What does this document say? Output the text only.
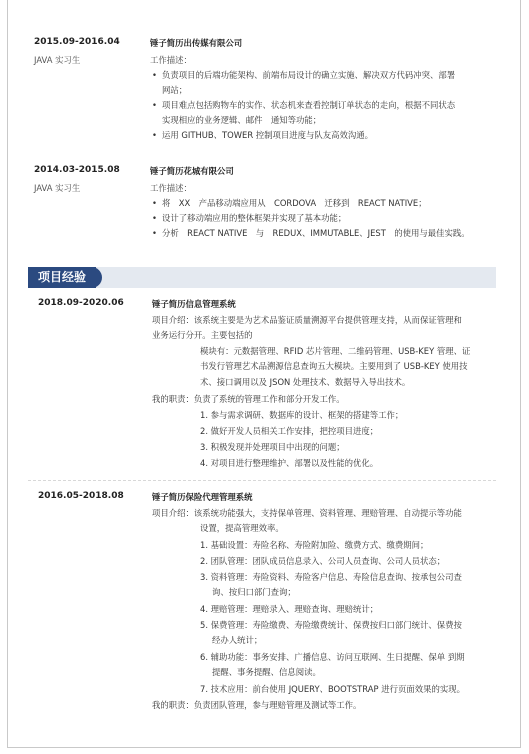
2015.09-2016.04
JAVA 实习生
锤子简历出传媒有限公司
工作描述：
• 负责项目的后端功能架构、前端布局设计的确立实施、解决双方代码冲突、部署
网站；
• 项目难点包括购物车的实作、状态机来查看控制订单状态的走向，根据不同状态
实现相应的业务逻辑、邮件　通知等功能；
• 运用 GITHUB、TOWER 控制项目进度与队友高效沟通。
2014.03-2015.08
JAVA 实习生
锤子简历花城有限公司
工作描述：
• 将　XX　产品移动端应用从　CORDOVA　迁移到　REACT NATIVE；
• 设计了移动端应用的整体框架并实现了基本功能；
• 分析　REACT NATIVE　与　REDUX、IMMUTABLE、JEST　的使用与最佳实践。
项目经验
2018.09-2020.06	锤子简历信息管理系统
项目介绍：该系统主要是为艺术品鉴证质量溯源平台提供管理支持，从而保证管理和
业务运行分开。主要包括的
模块有：元数据管理、RFID 芯片管理、二维码管理、USB-KEY 管理、证
书发行管理艺术品溯源信息查询五大模块。主要用到了 USB-KEY 使用技
术、接口调用以及 JSON 处理技术、数据导入导出技术。
我的职责：负责了系统的管理工作和部分开发工作。
1. 参与需求调研、数据库的设计、框架的搭建等工作；
2. 做好开发人员相关工作安排，把控项目进度；
3. 积极发现并处理项目中出现的问题；
4. 对项目进行整理维护、部署以及性能的优化。
2016.05-2018.08	锤子简历保险代理管理系统
项目介绍：该系统功能强大，支持保单管理、资料管理、理赔管理、自动提示等功能
设置，提高管理效率。
1. 基础设置：寿险名称、寿险附加险、缴费方式、缴费期间；
2. 团队管理：团队成员信息录入、公司人员查询、公司人员状态；
3. 资料管理：寿险资料、寿险客户信息、寿险信息查询、按承包公司查
询、按归口部门查询；
4. 理赔管理：理赔录入、理赔查询、理赔统计；
5. 保费管理：寿险缴费、寿险缴费统计、保费按归口部门统计、保费按
经办人统计；
6. 辅助功能：事务安排、广播信息、访问互联网、生日提醒、保单 到期
提醒、事务提醒、信息阅读。
7. 技术应用：前台使用 JQUERY、BOOTSTRAP 进行页面效果的实现。
我的职责：负责团队管理，参与理赔管理及测试等工作。
